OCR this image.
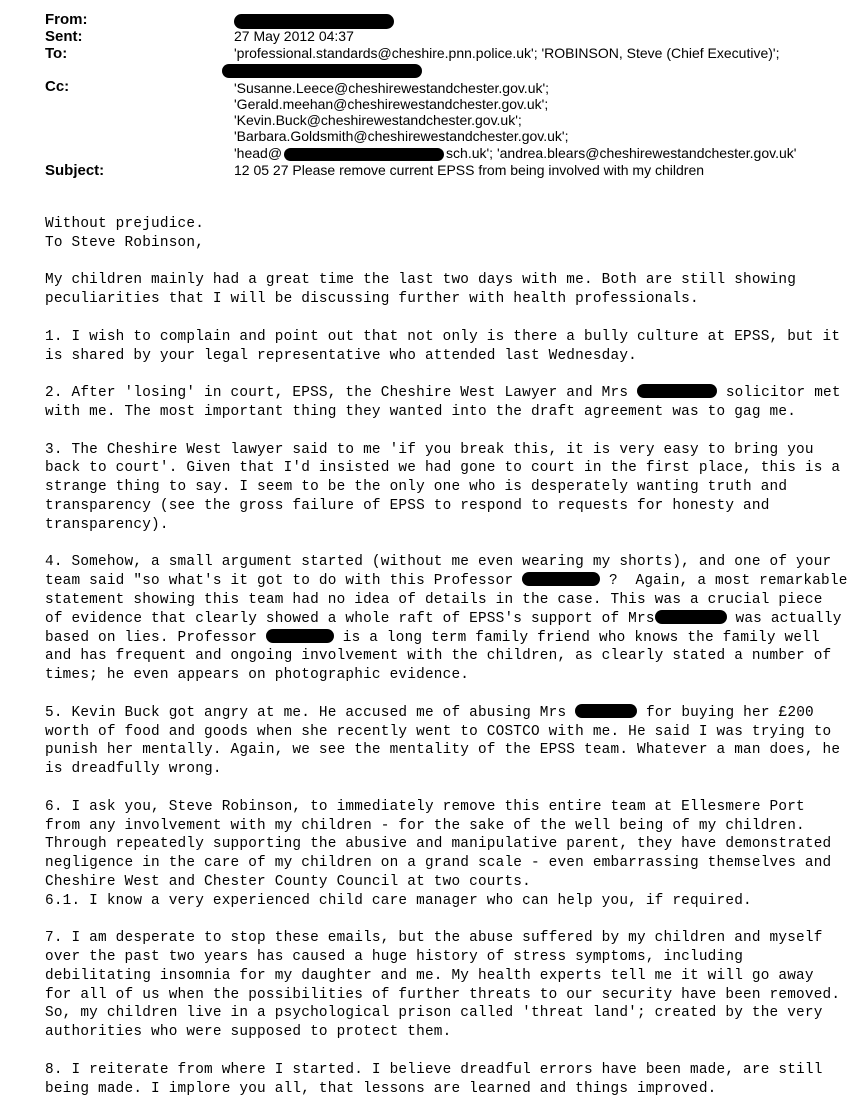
From:
Sent:	27 May 2012 04:37
To:	'professional.standards@cheshire.pnn.police.uk'; 'ROBINSON, Steve (Chief Executive)';
Cc:	'Susanne.Leece@cheshirewestandchester.gov.uk';
'Gerald.meehan@cheshirewestandchester.gov.uk';
'Kevin.Buck@cheshirewestandchester.gov.uk';
'Barbara.Goldsmith@cheshirewestandchester.gov.uk';
'head@	sch.uk'; 'andrea.blears@cheshirewestandchester.gov.uk'
Subject:	12 05 27 Please remove current EPSS from being involved with my children

Without prejudice.
To Steve Robinson,

My children mainly had a great time the last two days with me. Both are still showing
peculiarities that I will be discussing further with health professionals.

1. I wish to complain and point out that not only is there a bully culture at EPSS, but it
is shared by your legal representative who attended last Wednesday.

2. After 'losing' in court, EPSS, the Cheshire West Lawyer and Mrs	solicitor met
with me. The most important thing they wanted into the draft agreement was to gag me.

3. The Cheshire West lawyer said to me 'if you break this, it is very easy to bring you
back to court'. Given that I'd insisted we had gone to court in the first place, this is a
strange thing to say. I seem to be the only one who is desperately wanting truth and
transparency (see the gross failure of EPSS to respond to requests for honesty and
transparency).

4. Somehow, a small argument started (without me even wearing my shorts), and one of your
team said "so what's it got to do with this Professor	?  Again, a most remarkable
statement showing this team had no idea of details in the case. This was a crucial piece
of evidence that clearly showed a whole raft of EPSS's support of Mrs	was actually
based on lies. Professor	is a long term family friend who knows the family well
and has frequent and ongoing involvement with the children, as clearly stated a number of
times; he even appears on photographic evidence.

5. Kevin Buck got angry at me. He accused me of abusing Mrs	for buying her £200
worth of food and goods when she recently went to COSTCO with me. He said I was trying to
punish her mentally. Again, we see the mentality of the EPSS team. Whatever a man does, he
is dreadfully wrong.

6. I ask you, Steve Robinson, to immediately remove this entire team at Ellesmere Port
from any involvement with my children - for the sake of the well being of my children.
Through repeatedly supporting the abusive and manipulative parent, they have demonstrated
negligence in the care of my children on a grand scale - even embarrassing themselves and
Cheshire West and Chester County Council at two courts.
6.1. I know a very experienced child care manager who can help you, if required.

7. I am desperate to stop these emails, but the abuse suffered by my children and myself
over the past two years has caused a huge history of stress symptoms, including
debilitating insomnia for my daughter and me. My health experts tell me it will go away
for all of us when the possibilities of further threats to our security have been removed.
So, my children live in a psychological prison called 'threat land'; created by the very
authorities who were supposed to protect them.

8. I reiterate from where I started. I believe dreadful errors have been made, are still
being made. I implore you all, that lessons are learned and things improved.
